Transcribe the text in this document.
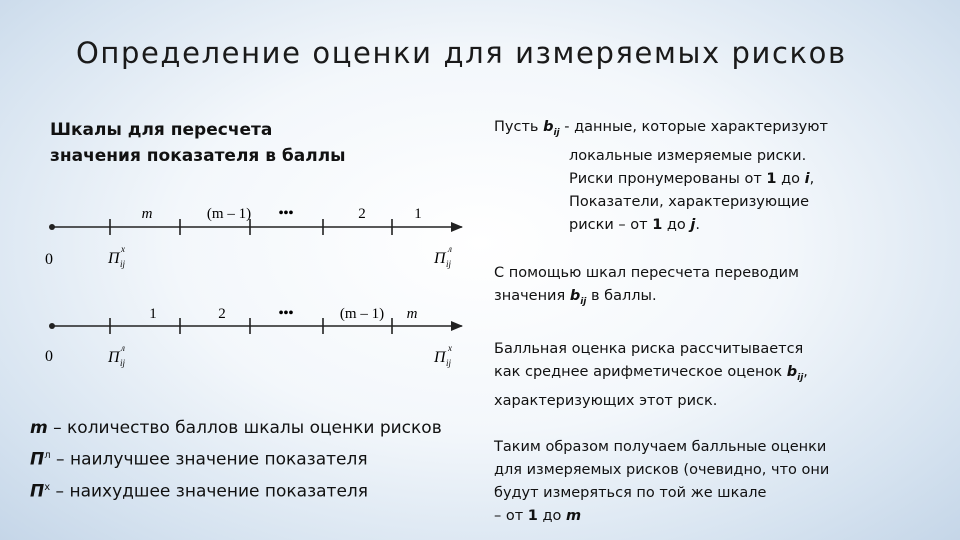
Определение оценки для измеряемых рисков
Шкалы для пересчета
значения показателя в баллы
m	(m – 1) •••	2	1
0	П
x
ij	П
л
ij
1	2	•••	(m – 1) m
0	П
л
ij	П
x
ij
m – количество баллов шкалы оценки рисков
$П^л$ – наилучшее значение показателя
$П^x$ – наихудшее значение показателя
Пусть $b_{ij}$ - данные, которые характеризуют
локальные измеряемые риски.
Риски пронумерованы от 1 до i,
Показатели, характеризующие
риски – от 1 до j.
С помощью шкал пересчета переводим
значения $b_{ij}$ в баллы.
Балльная оценка риска рассчитывается
как среднее арифметическое оценок $b_{ij}$,
характеризующих этот риск.
Таким образом получаем балльные оценки
для измеряемых рисков (очевидно, что они
будут измеряться по той же шкале
– от 1 до m
